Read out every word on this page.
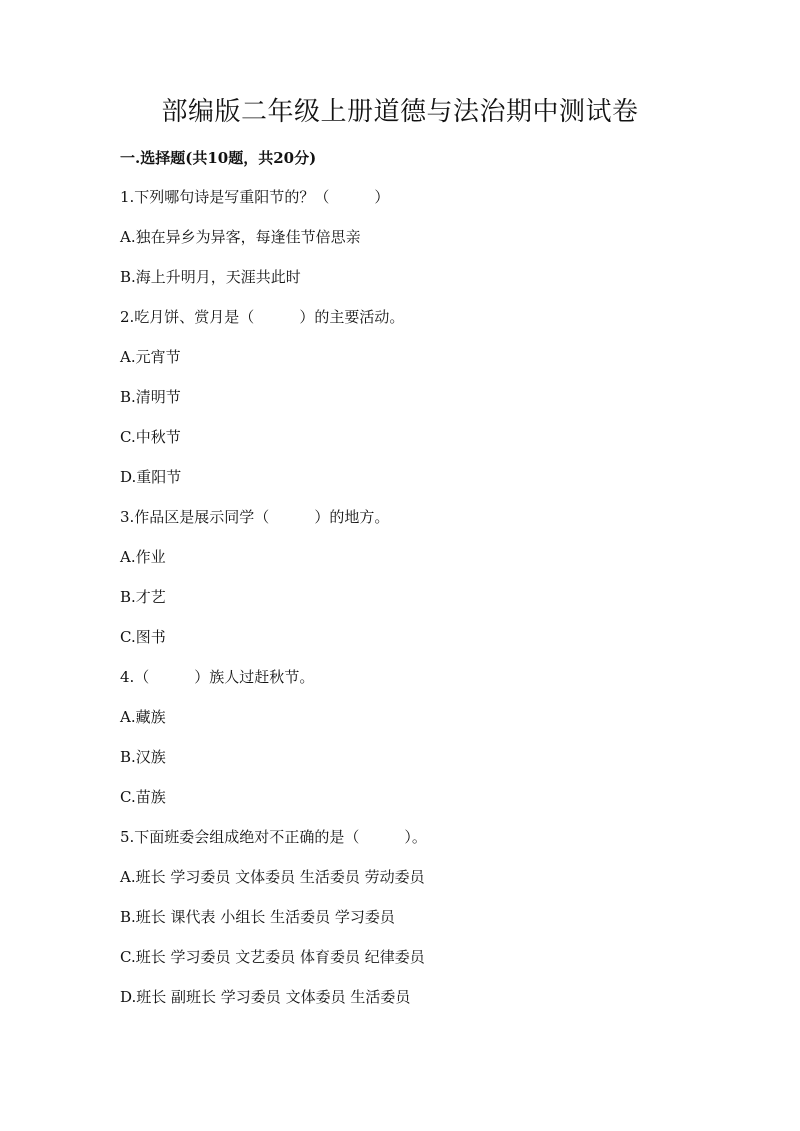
部编版二年级上册道德与法治期中测试卷
一.选择题(共10题，共20分)
1.下列哪句诗是写重阳节的？（　　　）
A.独在异乡为异客，每逢佳节倍思亲
B.海上升明月，天涯共此时
2.吃月饼、赏月是（　　　）的主要活动。
A.元宵节
B.清明节
C.中秋节
D.重阳节
3.作品区是展示同学（　　　）的地方。
A.作业
B.才艺
C.图书
4.（　　　）族人过赶秋节。
A.藏族
B.汉族
C.苗族
5.下面班委会组成绝对不正确的是（　　　）。
A.班长 学习委员 文体委员 生活委员 劳动委员
B.班长 课代表 小组长 生活委员 学习委员
C.班长 学习委员 文艺委员 体育委员 纪律委员
D.班长 副班长 学习委员 文体委员 生活委员
